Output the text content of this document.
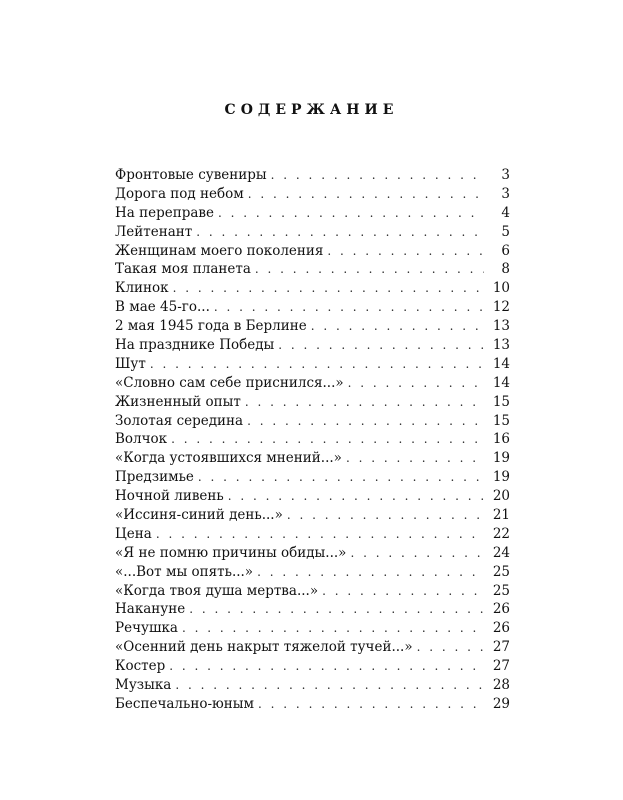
СОДЕРЖАНИЕ
Фронтовые сувениры . . .	3
Дорога под небом . . .	3
На переправе . . .	4
Лейтенант . . .	5
Женщинам моего поколения . . .	6
Такая моя планета . . .	8
Клинок . . .	10
В мае 45-го... . . .	12
2 мая 1945 года в Берлине . . .	13
На празднике Победы . . .	13
Шут . . .	14
«Словно сам себе приснился...» . . .	14
Жизненный опыт . . .	15
Золотая середина . . .	15
Волчок . . .	16
«Когда устоявшихся мнений...» . . .	19
Предзимье . . .	19
Ночной ливень . . .	20
«Иссиня-синий день...» . . .	21
Цена . . .	22
«Я не помню причины обиды...» . . .	24
«...Вот мы опять...» . . .	25
«Когда твоя душа мертва...» . . .	25
Накануне . . .	26
Речушка . . .	26
«Осенний день накрыт тяжелой тучей...» . . .	27
Костер . . .	27
Музыка . . .	28
Беспечально-юным . . .	29
